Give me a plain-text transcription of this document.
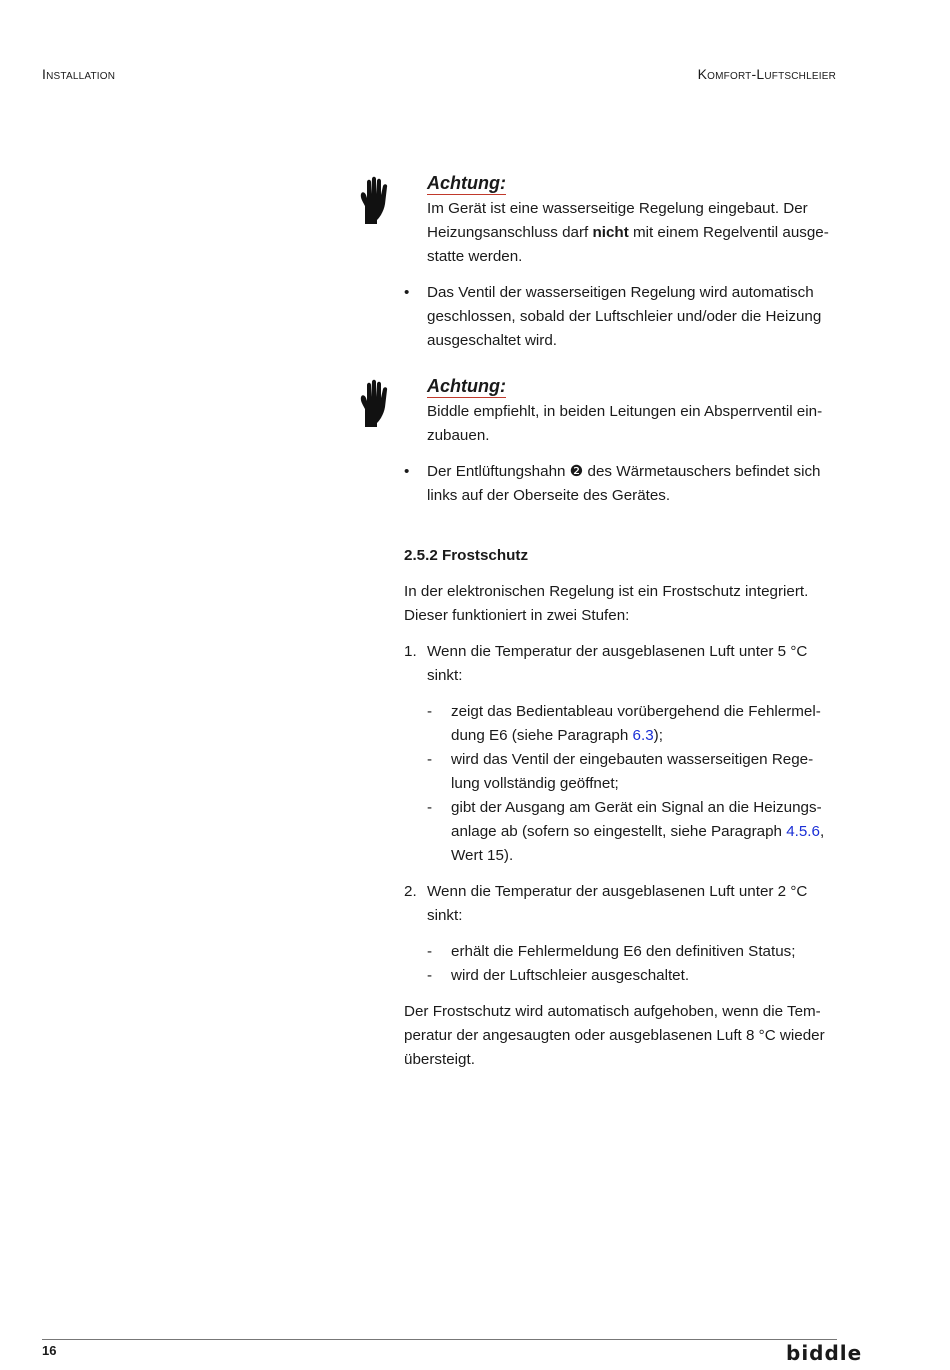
Installation	Komfort-Luftschleier
Achtung:
Im Gerät ist eine wasserseitige Regelung eingebaut. Der Heizungsanschluss darf nicht mit einem Regelventil ausge-statte werden.
• Das Ventil der wasserseitigen Regelung wird automatisch geschlossen, sobald der Luftschleier und/oder die Heizung ausgeschaltet wird.
Achtung:
Biddle empfiehlt, in beiden Leitungen ein Absperrventil ein-zubauen.
• Der Entlüftungshahn ❷ des Wärmetauschers befindet sich links auf der Oberseite des Gerätes.
2.5.2 Frostschutz

In der elektronischen Regelung ist ein Frostschutz integriert. Dieser funktioniert in zwei Stufen:

1. Wenn die Temperatur der ausgeblasenen Luft unter 5 °C sinkt:
- zeigt das Bedientableau vorübergehend die Fehlermel-dung E6 (siehe Paragraph 6.3);
- wird das Ventil der eingebauten wasserseitigen Rege-lung vollständig geöffnet;
- gibt der Ausgang am Gerät ein Signal an die Heizungs-anlage ab (sofern so eingestellt, siehe Paragraph 4.5.6, Wert 15).
2. Wenn die Temperatur der ausgeblasenen Luft unter 2 °C sinkt:
- erhält die Fehlermeldung E6 den definitiven Status;
- wird der Luftschleier ausgeschaltet.

Der Frostschutz wird automatisch aufgehoben, wenn die Tem-peratur der angesaugten oder ausgeblasenen Luft 8 °C wieder übersteigt.

16	biddle
